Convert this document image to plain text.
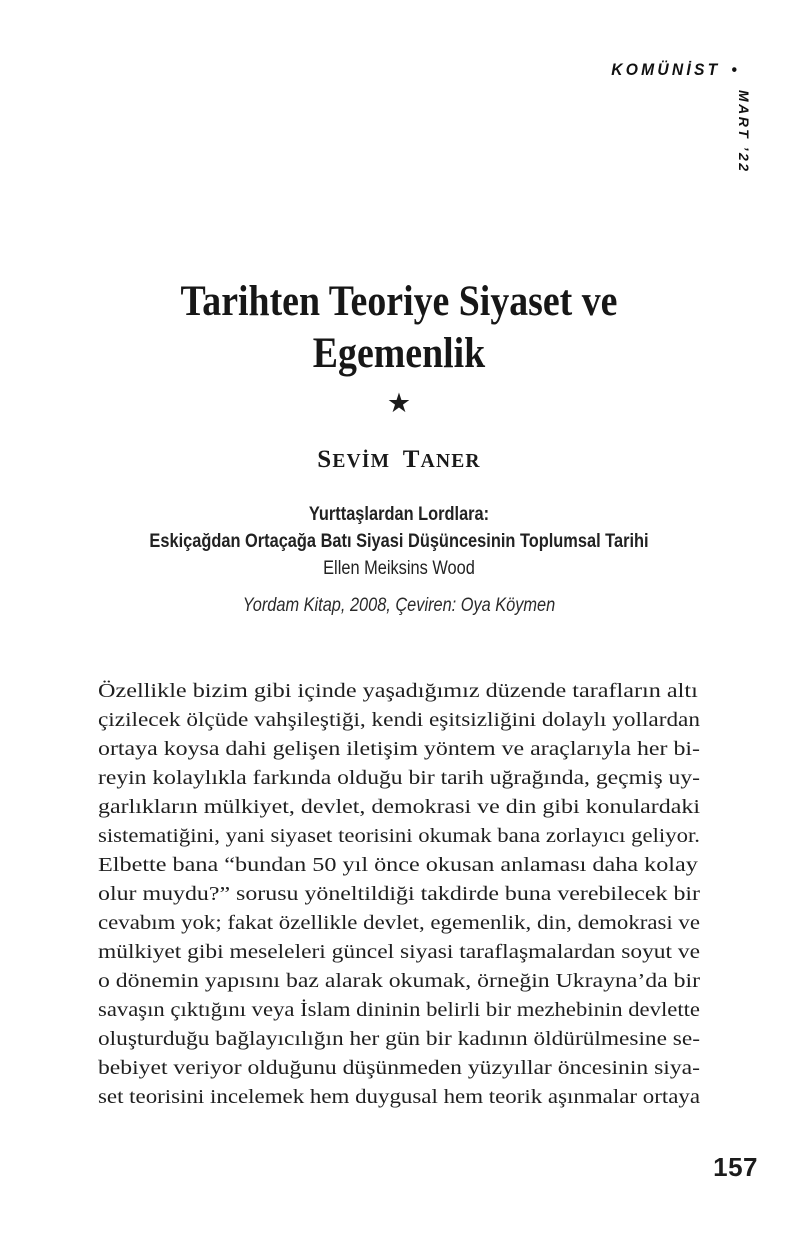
KOMÜNİST •
MART ’22
Tarihten Teoriye Siyaset ve
Egemenlik
★
SEVİM TANER
Yurttaşlardan Lordlara:
Eskiçağdan Ortaçağa Batı Siyasi Düşüncesinin Toplumsal Tarihi
Ellen Meiksins Wood
Yordam Kitap, 2008, Çeviren: Oya Köymen
Özellikle bizim gibi içinde yaşadığımız düzende tarafların altı
çizilecek ölçüde vahşileştiği, kendi eşitsizliğini dolaylı yollardan
ortaya koysa dahi gelişen iletişim yöntem ve araçlarıyla her bi-
reyin kolaylıkla farkında olduğu bir tarih uğrağında, geçmiş uy-
garlıkların mülkiyet, devlet, demokrasi ve din gibi konulardaki
sistematiğini, yani siyaset teorisini okumak bana zorlayıcı geliyor.
Elbette bana “bundan 50 yıl önce okusan anlaması daha kolay
olur muydu?” sorusu yöneltildiği takdirde buna verebilecek bir
cevabım yok; fakat özellikle devlet, egemenlik, din, demokrasi ve
mülkiyet gibi meseleleri güncel siyasi taraflaşmalardan soyut ve
o dönemin yapısını baz alarak okumak, örneğin Ukrayna’da bir
savaşın çıktığını veya İslam dininin belirli bir mezhebinin devlette
oluşturduğu bağlayıcılığın her gün bir kadının öldürülmesine se-
bebiyet veriyor olduğunu düşünmeden yüzyıllar öncesinin siya-
set teorisini incelemek hem duygusal hem teorik aşınmalar ortaya
157
